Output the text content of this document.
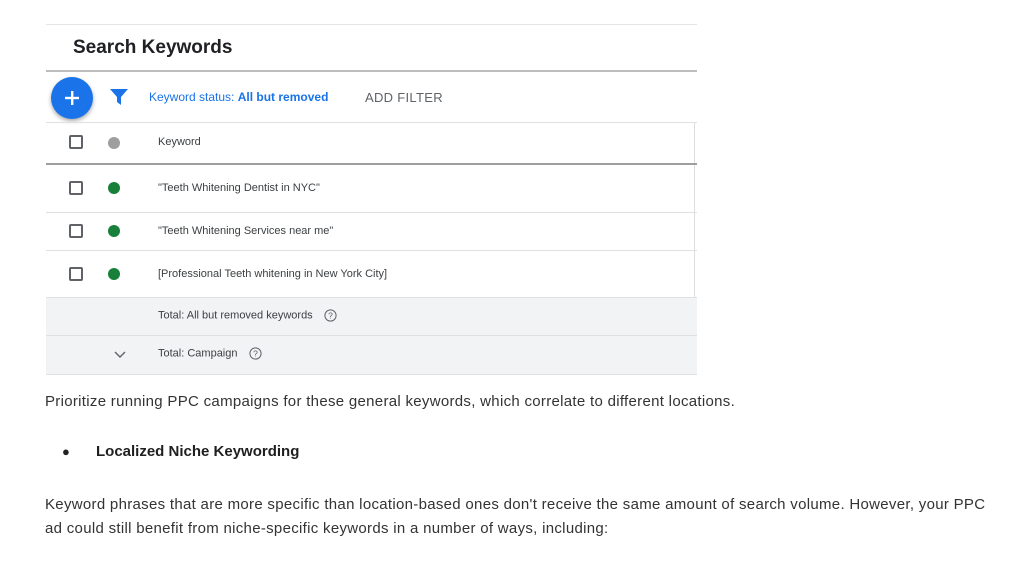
Search Keywords
Keyword status: All but removed	ADD FILTER
Keyword
"Teeth Whitening Dentist in NYC"
"Teeth Whitening Services near me"
[Professional Teeth whitening in New York City]
Total: All but removed keywords ?
Total: Campaign ?
Prioritize running PPC campaigns for these general keywords, which correlate to different locations.
● Localized Niche Keywording
Keyword phrases that are more specific than location-based ones don't receive the same amount of search volume. However, your PPC ad could still benefit from niche-specific keywords in a number of ways, including:
